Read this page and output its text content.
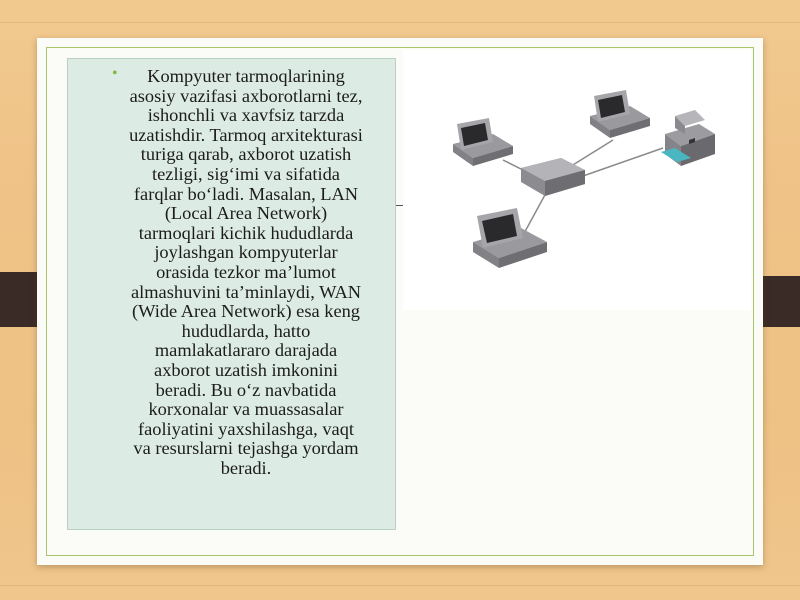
•	Kompyuter tarmoqlarining
asosiy vazifasi axborotlarni tez,
ishonchli va xavfsiz tarzda
uzatishdir. Tarmoq arxitekturasi
turiga qarab, axborot uzatish
tezligi, sig‘imi va sifatida
farqlar bo‘ladi. Masalan, LAN
(Local Area Network)
tarmoqlari kichik hududlarda
joylashgan kompyuterlar
orasida tezkor ma’lumot
almashuvini ta’minlaydi, WAN
(Wide Area Network) esa keng
hududlarda, hatto
mamlakatlararo darajada
axborot uzatish imkonini
beradi. Bu o‘z navbatida
korxonalar va muassasalar
faoliyatini yaxshilashga, vaqt
va resurslarni tejashga yordam
beradi.
